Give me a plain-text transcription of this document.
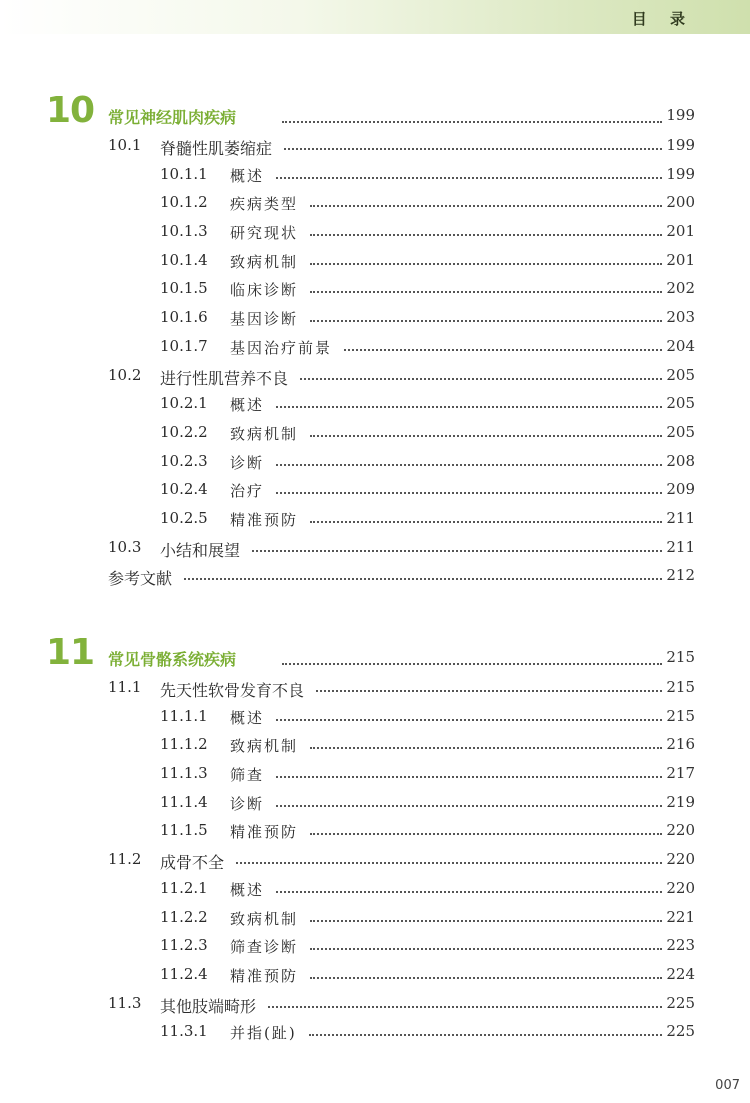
目 录
10 常见神经肌肉疾病	199
10.1 脊髓性肌萎缩症	199
10.1.1 概述	199
10.1.2 疾病类型	200
10.1.3 研究现状	201
10.1.4 致病机制	201
10.1.5 临床诊断	202
10.1.6 基因诊断	203
10.1.7 基因治疗前景	204
10.2 进行性肌营养不良	205
10.2.1 概述	205
10.2.2 致病机制	205
10.2.3 诊断	208
10.2.4 治疗	209
10.2.5 精准预防	211
10.3 小结和展望	211
参考文献	212
11 常见骨骼系统疾病	215
11.1 先天性软骨发育不良	215
11.1.1 概述	215
11.1.2 致病机制	216
11.1.3 筛查	217
11.1.4 诊断	219
11.1.5 精准预防	220
11.2 成骨不全	220
11.2.1 概述	220
11.2.2 致病机制	221
11.2.3 筛查诊断	223
11.2.4 精准预防	224
11.3 其他肢端畸形	225
11.3.1 并指(趾)	225
007
